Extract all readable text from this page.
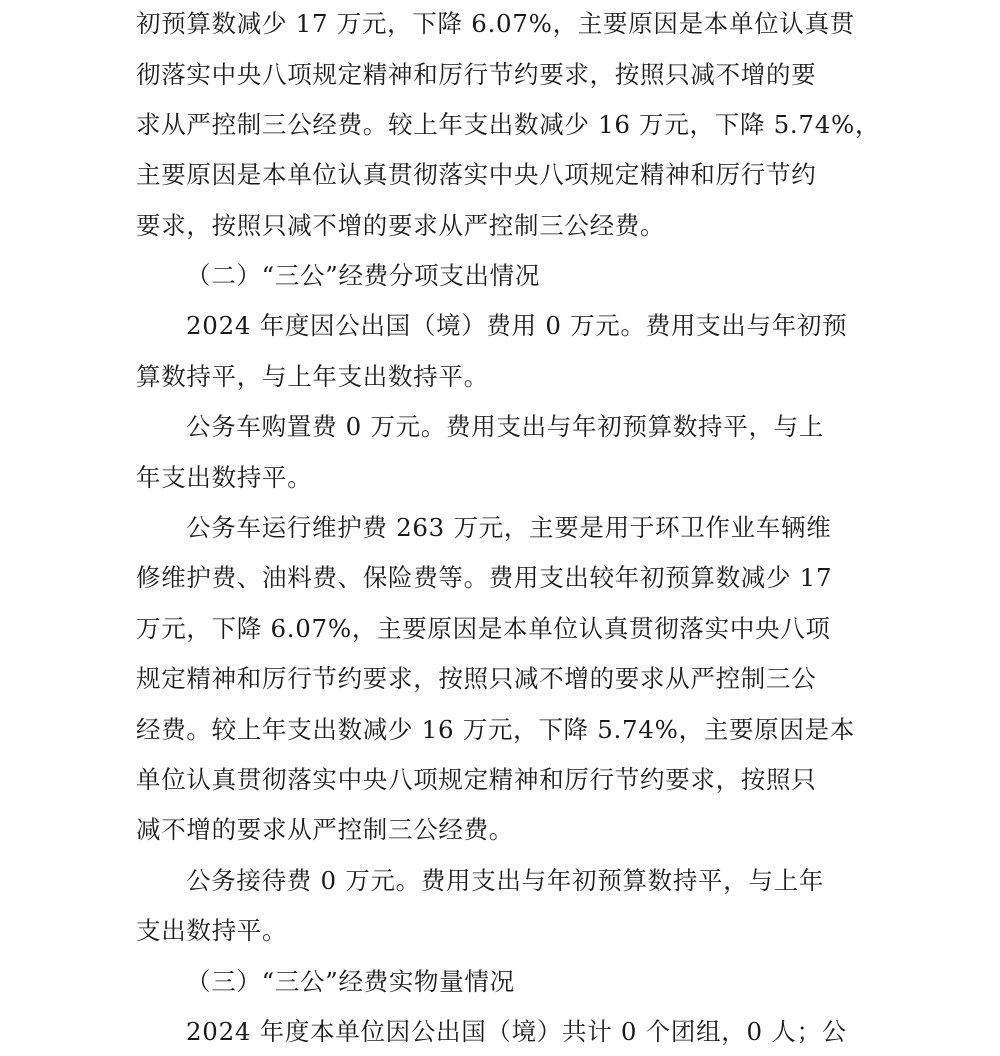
初预算数减少 17 万元，下降 6.07%，主要原因是本单位认真贯
彻落实中央八项规定精神和厉行节约要求，按照只减不增的要
求从严控制三公经费。较上年支出数减少 16 万元，下降 5.74%，
主要原因是本单位认真贯彻落实中央八项规定精神和厉行节约
要求，按照只减不增的要求从严控制三公经费。
（二）“三公”经费分项支出情况
2024 年度因公出国（境）费用 0 万元。费用支出与年初预
算数持平，与上年支出数持平。
公务车购置费 0 万元。费用支出与年初预算数持平，与上
年支出数持平。
公务车运行维护费 263 万元，主要是用于环卫作业车辆维
修维护费、油料费、保险费等。费用支出较年初预算数减少 17
万元，下降 6.07%，主要原因是本单位认真贯彻落实中央八项
规定精神和厉行节约要求，按照只减不增的要求从严控制三公
经费。较上年支出数减少 16 万元，下降 5.74%，主要原因是本
单位认真贯彻落实中央八项规定精神和厉行节约要求，按照只
减不增的要求从严控制三公经费。
公务接待费 0 万元。费用支出与年初预算数持平，与上年
支出数持平。
（三）“三公”经费实物量情况
2024 年度本单位因公出国（境）共计 0 个团组，0 人；公
